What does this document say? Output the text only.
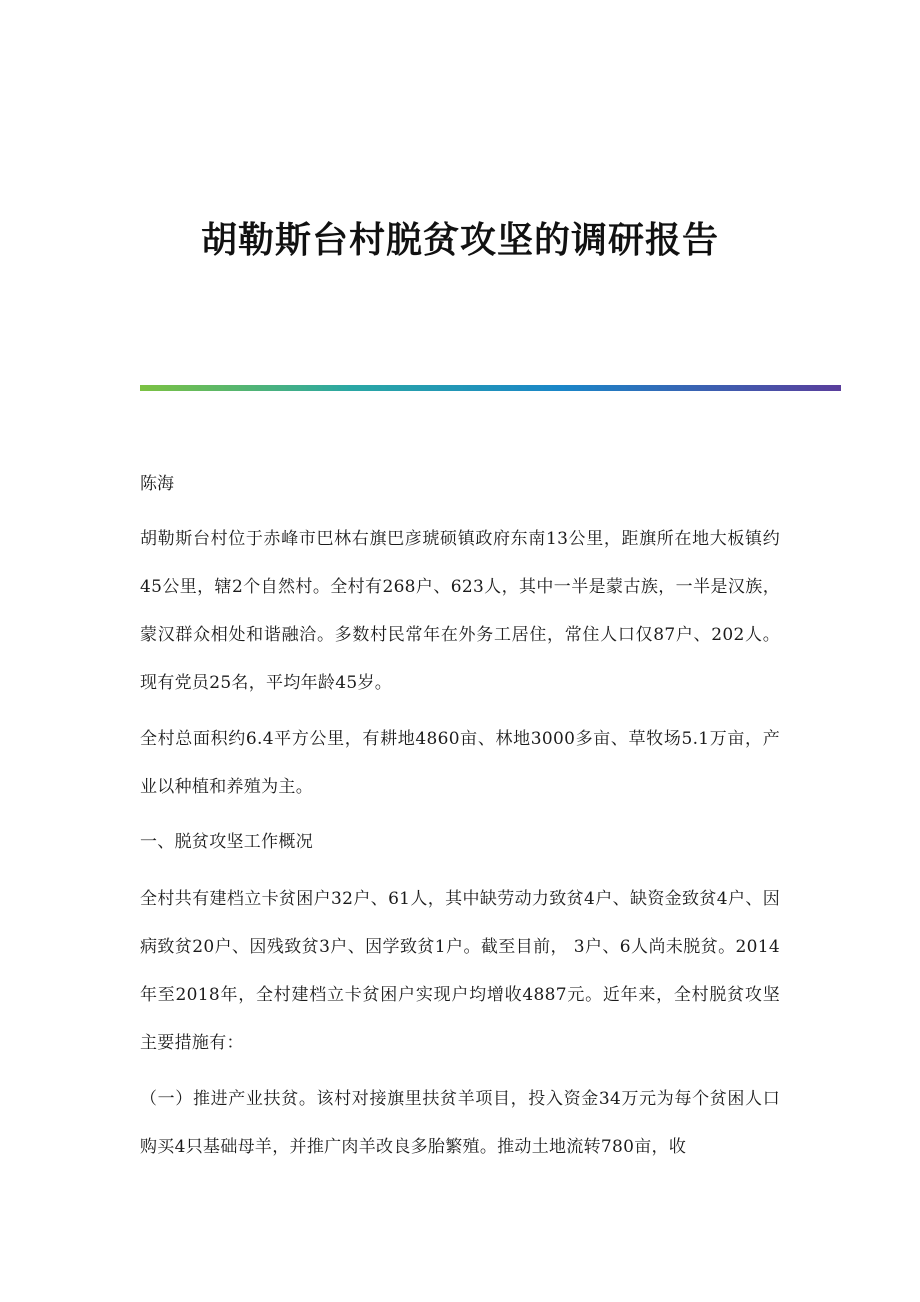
胡勒斯台村脱贫攻坚的调研报告
陈海

胡勒斯台村位于赤峰市巴林右旗巴彦琥硕镇政府东南13公里，距旗所在地大板镇约45公里，辖2个自然村。全村有268户、623人，其中一半是蒙古族，一半是汉族，蒙汉群众相处和谐融洽。多数村民常年在外务工居住，常住人口仅87户、202人。现有党员25名，平均年龄45岁。

全村总面积约6.4平方公里，有耕地4860亩、林地3000多亩、草牧场5.1万亩，产业以种植和养殖为主。

一、脱贫攻坚工作概况

全村共有建档立卡贫困户32户、61人，其中缺劳动力致贫4户、缺资金致贫4户、因病致贫20户、因残致贫3户、因学致贫1户。截至目前， 3户、6人尚未脱贫。2014年至2018年，全村建档立卡贫困户实现户均增收4887元。近年来，全村脱贫攻坚主要措施有：

（一）推进产业扶贫。该村对接旗里扶贫羊项目，投入资金34万元为每个贫困人口购买4只基础母羊，并推广肉羊改良多胎繁殖。推动土地流转780亩，收
